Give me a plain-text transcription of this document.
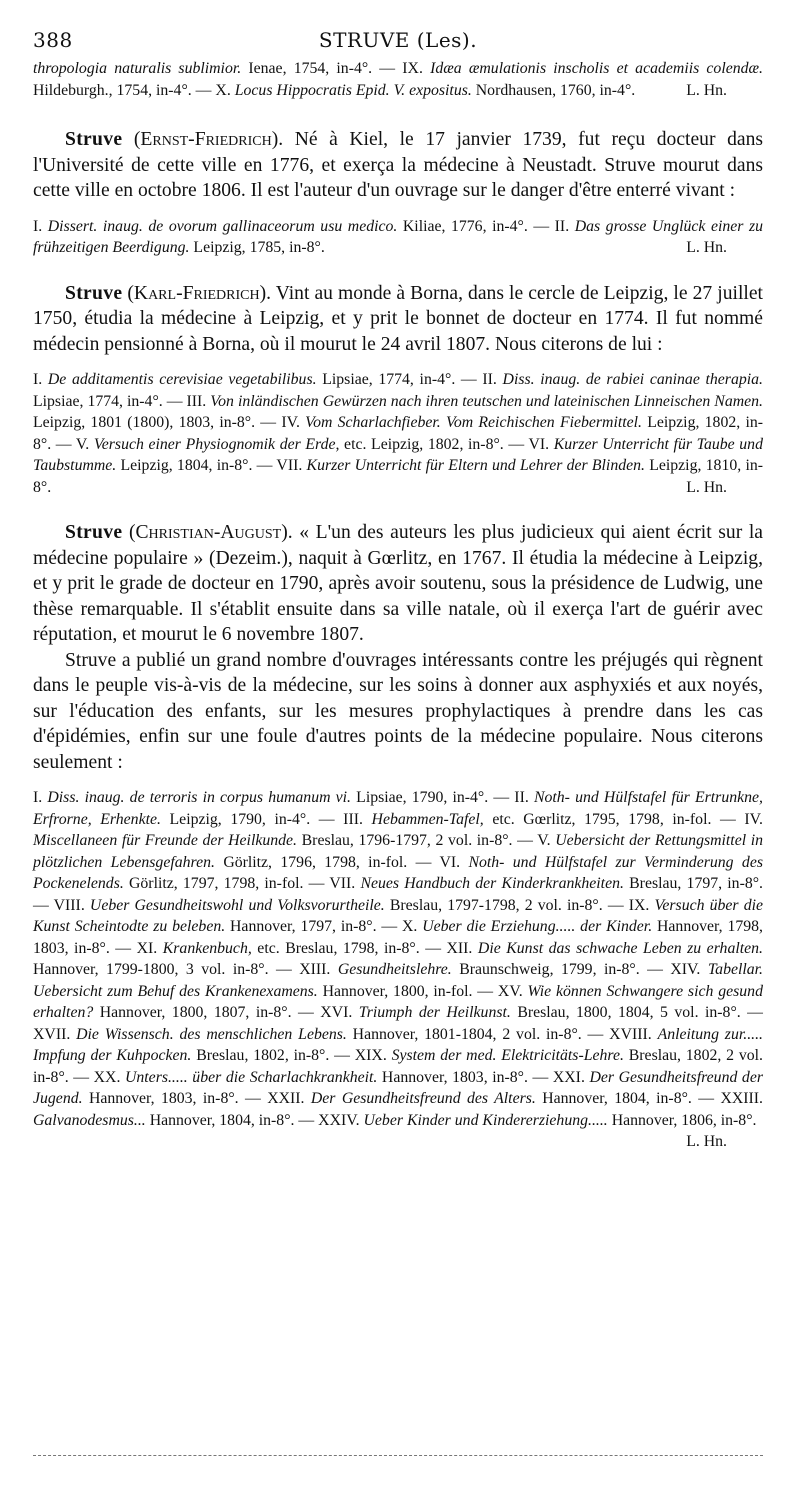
388	STRUVE (Les).
thropologia naturalis sublimior. Ienae, 1754, in-4°. — IX. Idæa æmulationis inscholis et academiis colendæ. Hildeburgh., 1754, in-4°. — X. Locus Hippocratis Epid. V. expositus. Nordhausen, 1760, in-4°.	L. Hn.
Struve (Ernst-Friedrich). Né à Kiel, le 17 janvier 1739, fut reçu docteur dans l'Université de cette ville en 1776, et exerça la médecine à Neustadt. Struve mourut dans cette ville en octobre 1806. Il est l'auteur d'un ouvrage sur le danger d'être enterré vivant :
I. Dissert. inaug. de ovorum gallinaceorum usu medico. Kiliae, 1776, in-4°. — II. Das grosse Unglück einer zu frühzeitigen Beerdigung. Leipzig, 1785, in-8°.	L. Hn.
Struve (Karl-Friedrich). Vint au monde à Borna, dans le cercle de Leipzig, le 27 juillet 1750, étudia la médecine à Leipzig, et y prit le bonnet de docteur en 1774. Il fut nommé médecin pensionné à Borna, où il mourut le 24 avril 1807. Nous citerons de lui :
I. De additamentis cerevisiae vegetabilibus. Lipsiae, 1774, in-4°. — II. Diss. inaug. de rabiei caninae therapia. Lipsiae, 1774, in-4°. — III. Von inländischen Gewürzen nach ihren teutschen und lateinischen Linneischen Namen. Leipzig, 1801 (1800), 1803, in-8°. — IV. Vom Scharlachfieber. Vom Reichischen Fiebermittel. Leipzig, 1802, in-8°. — V. Versuch einer Physiognomik der Erde, etc. Leipzig, 1802, in-8°. — VI. Kurzer Unterricht für Taube und Taubstumme. Leipzig, 1804, in-8°. — VII. Kurzer Unterricht für Eltern und Lehrer der Blinden. Leipzig, 1810, in-8°.	L. Hn.
Struve (Christian-August). « L'un des auteurs les plus judicieux qui aient écrit sur la médecine populaire » (Dezeim.), naquit à Gœrlitz, en 1767. Il étudia la médecine à Leipzig, et y prit le grade de docteur en 1790, après avoir soutenu, sous la présidence de Ludwig, une thèse remarquable. Il s'établit ensuite dans sa ville natale, où il exerça l'art de guérir avec réputation, et mourut le 6 novembre 1807.
Struve a publié un grand nombre d'ouvrages intéressants contre les préjugés qui règnent dans le peuple vis-à-vis de la médecine, sur les soins à donner aux asphyxiés et aux noyés, sur l'éducation des enfants, sur les mesures prophylactiques à prendre dans les cas d'épidémies, enfin sur une foule d'autres points de la médecine populaire. Nous citerons seulement :
I. Diss. inaug. de terroris in corpus humanum vi. Lipsiae, 1790, in-4°. — II. Noth- und Hülfstafel für Ertrunkne, Erfrorne, Erhenkte. Leipzig, 1790, in-4°. — III. Hebammen-Tafel, etc. Gœrlitz, 1795, 1798, in-fol. — IV. Miscellaneen für Freunde der Heilkunde. Breslau, 1796-1797, 2 vol. in-8°. — V. Uebersicht der Rettungsmittel in plötzlichen Lebensgefahren. Görlitz, 1796, 1798, in-fol. — VI. Noth- und Hülfstafel zur Verminderung des Pockenelends. Görlitz, 1797, 1798, in-fol. — VII. Neues Handbuch der Kinderkrankheiten. Breslau, 1797, in-8°. — VIII. Ueber Gesundheitswohl und Volksvorurtheile. Breslau, 1797-1798, 2 vol. in-8°. — IX. Versuch über die Kunst Scheintodte zu beleben. Hannover, 1797, in-8°. — X. Ueber die Erziehung..... der Kinder. Hannover, 1798, 1803, in-8°. — XI. Krankenbuch, etc. Breslau, 1798, in-8°. — XII. Die Kunst das schwache Leben zu erhalten. Hannover, 1799-1800, 3 vol. in-8°. — XIII. Gesundheitslehre. Braunschweig, 1799, in-8°. — XIV. Tabellar. Uebersicht zum Behuf des Krankenexamens. Hannover, 1800, in-fol. — XV. Wie können Schwangere sich gesund erhalten? Hannover, 1800, 1807, in-8°. — XVI. Triumph der Heilkunst. Breslau, 1800, 1804, 5 vol. in-8°. — XVII. Die Wissensch. des menschlichen Lebens. Hannover, 1801-1804, 2 vol. in-8°. — XVIII. Anleitung zur..... Impfung der Kuhpocken. Breslau, 1802, in-8°. — XIX. System der med. Elektricitäts-Lehre. Breslau, 1802, 2 vol. in-8°. — XX. Unters..... über die Scharlachkrankheit. Hannover, 1803, in-8°. — XXI. Der Gesundheitsfreund der Jugend. Hannover, 1803, in-8°. — XXII. Der Gesundheitsfreund des Alters. Hannover, 1804, in-8°. — XXIII. Galvanodesmus... Hannover, 1804, in-8°. — XXIV. Ueber Kinder und Kindererziehung..... Hannover, 1806, in-8°.
L. Hn.
